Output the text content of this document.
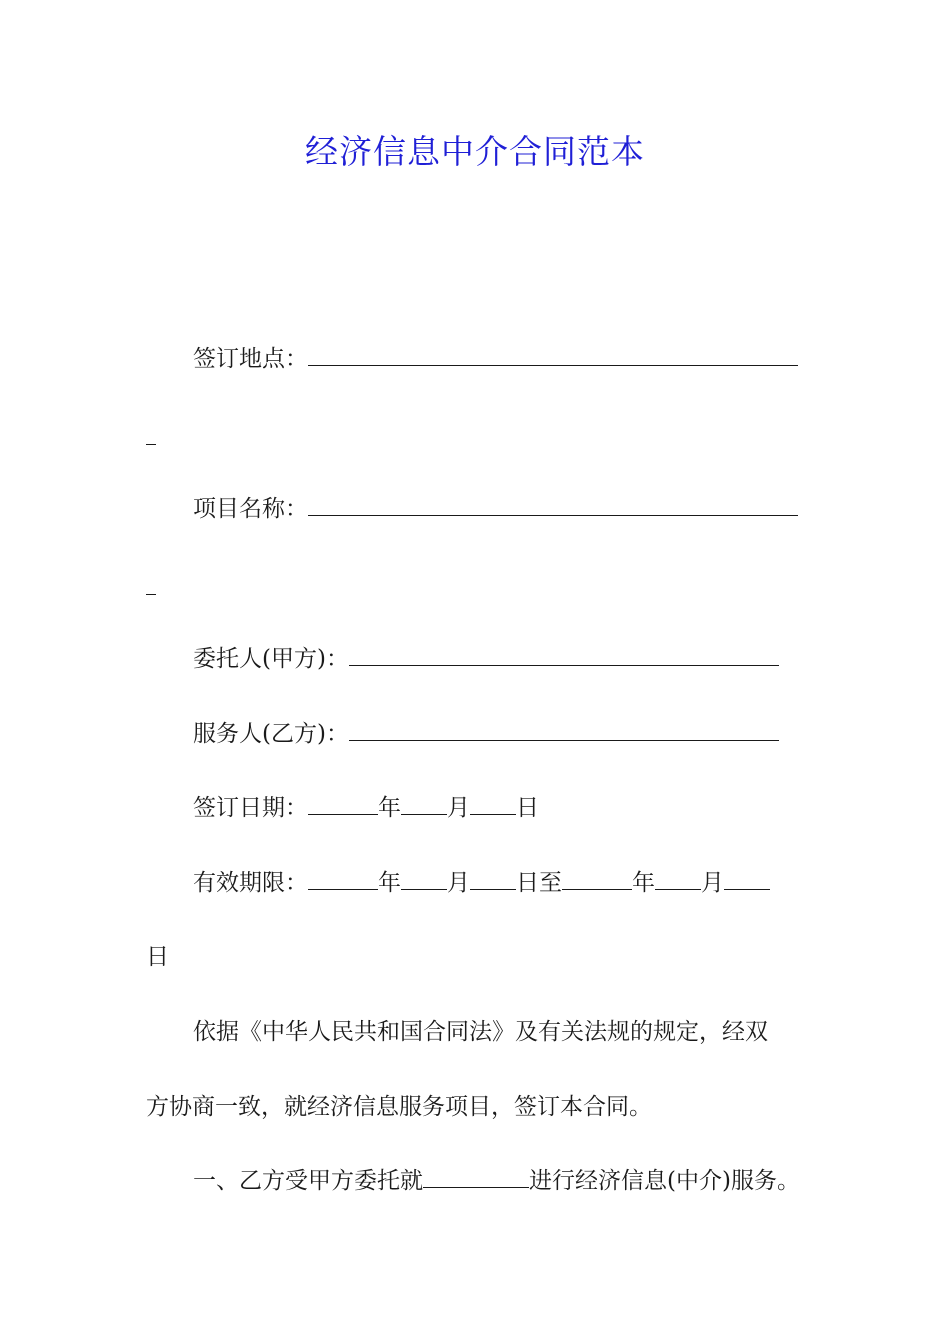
经济信息中介合同范本
签订地点：
项目名称：
委托人(甲方)：
服务人(乙方)：
签订日期：	年 月 日
有效期限：	年 月 日至	年 月
日
依据《中华人民共和国合同法》及有关法规的规定，经双
方协商一致，就经济信息服务项目，签订本合同。
一、乙方受甲方委托就	进行经济信息(中介)服务。
